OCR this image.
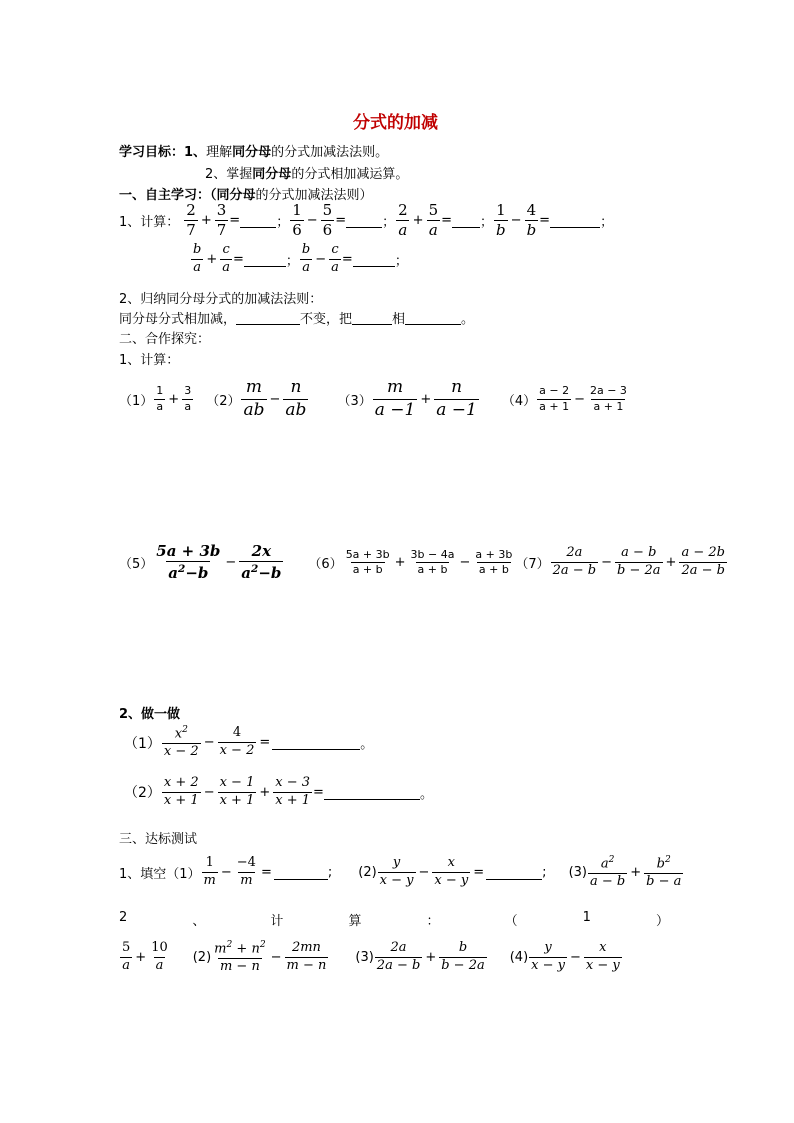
分式的加减
学习目标：1、理解同分母的分式加减法法则。
2、掌握同分母的分式相加减运算。
一、自主学习：（同分母的分式加减法法则）
1、计算： $\frac{2}{7} + \frac{3}{7}$ =	； $\frac{1}{6} - \frac{5}{6}$ =	； $\frac{2}{a} + \frac{5}{a}$ = ； $\frac{1}{b} - \frac{4}{b}$ =	；
$\frac{b}{a} + \frac{c}{a}$ =	； $\frac{b}{a} - \frac{c}{a}$ =	；
2、归纳同分母分式的加减法法则：
同分母分式相加减，	不变，把	相	。
二、合作探究：
1、计算：
$(1) \frac{1}{a} + \frac{3}{a} (2) \frac{m}{ab} - \frac{n}{ab} (3) \frac{m}{a -1} + \frac{n}{a -1} (4) \frac{a - 2}{a + 1} - \frac{2a - 3}{a + 1}$
$(5) \frac{5a + 3b}{a^2-b} - \frac{2x}{a^2-b} (6) \frac{5a + 3b}{a + b} + \frac{3b - 4a}{a + b} - \frac{a + 3b}{a + b} (7) \frac{2a}{2a - b} - \frac{a - b}{b - 2a} + \frac{a - 2b}{2a - b}$
2、做一做
$(1) \frac{x^2}{x - 2} - \frac{4}{x - 2}$ =	。
$(2) \frac{x + 2}{x + 1} - \frac{x - 1}{x + 1} + \frac{x - 3}{x + 1}$ =	。
三、达标测试
1、填空$(1) \frac{1}{m} - \frac{-4}{m}$ =	; $(2) \frac{y}{x - y} - \frac{x}{x - y}$ =	; $(3) \frac{a^2}{a - b} + \frac{b^2}{b - a}$
2	、	计	算	：	（	1	）
$\frac{5}{a} + \frac{10}{a} (2) \frac{m^2 + n^2}{m - n} - \frac{2mn}{m - n} (3) \frac{2a}{2a - b} + \frac{b}{b - 2a} (4) \frac{y}{x - y} - \frac{x}{x - y}$
